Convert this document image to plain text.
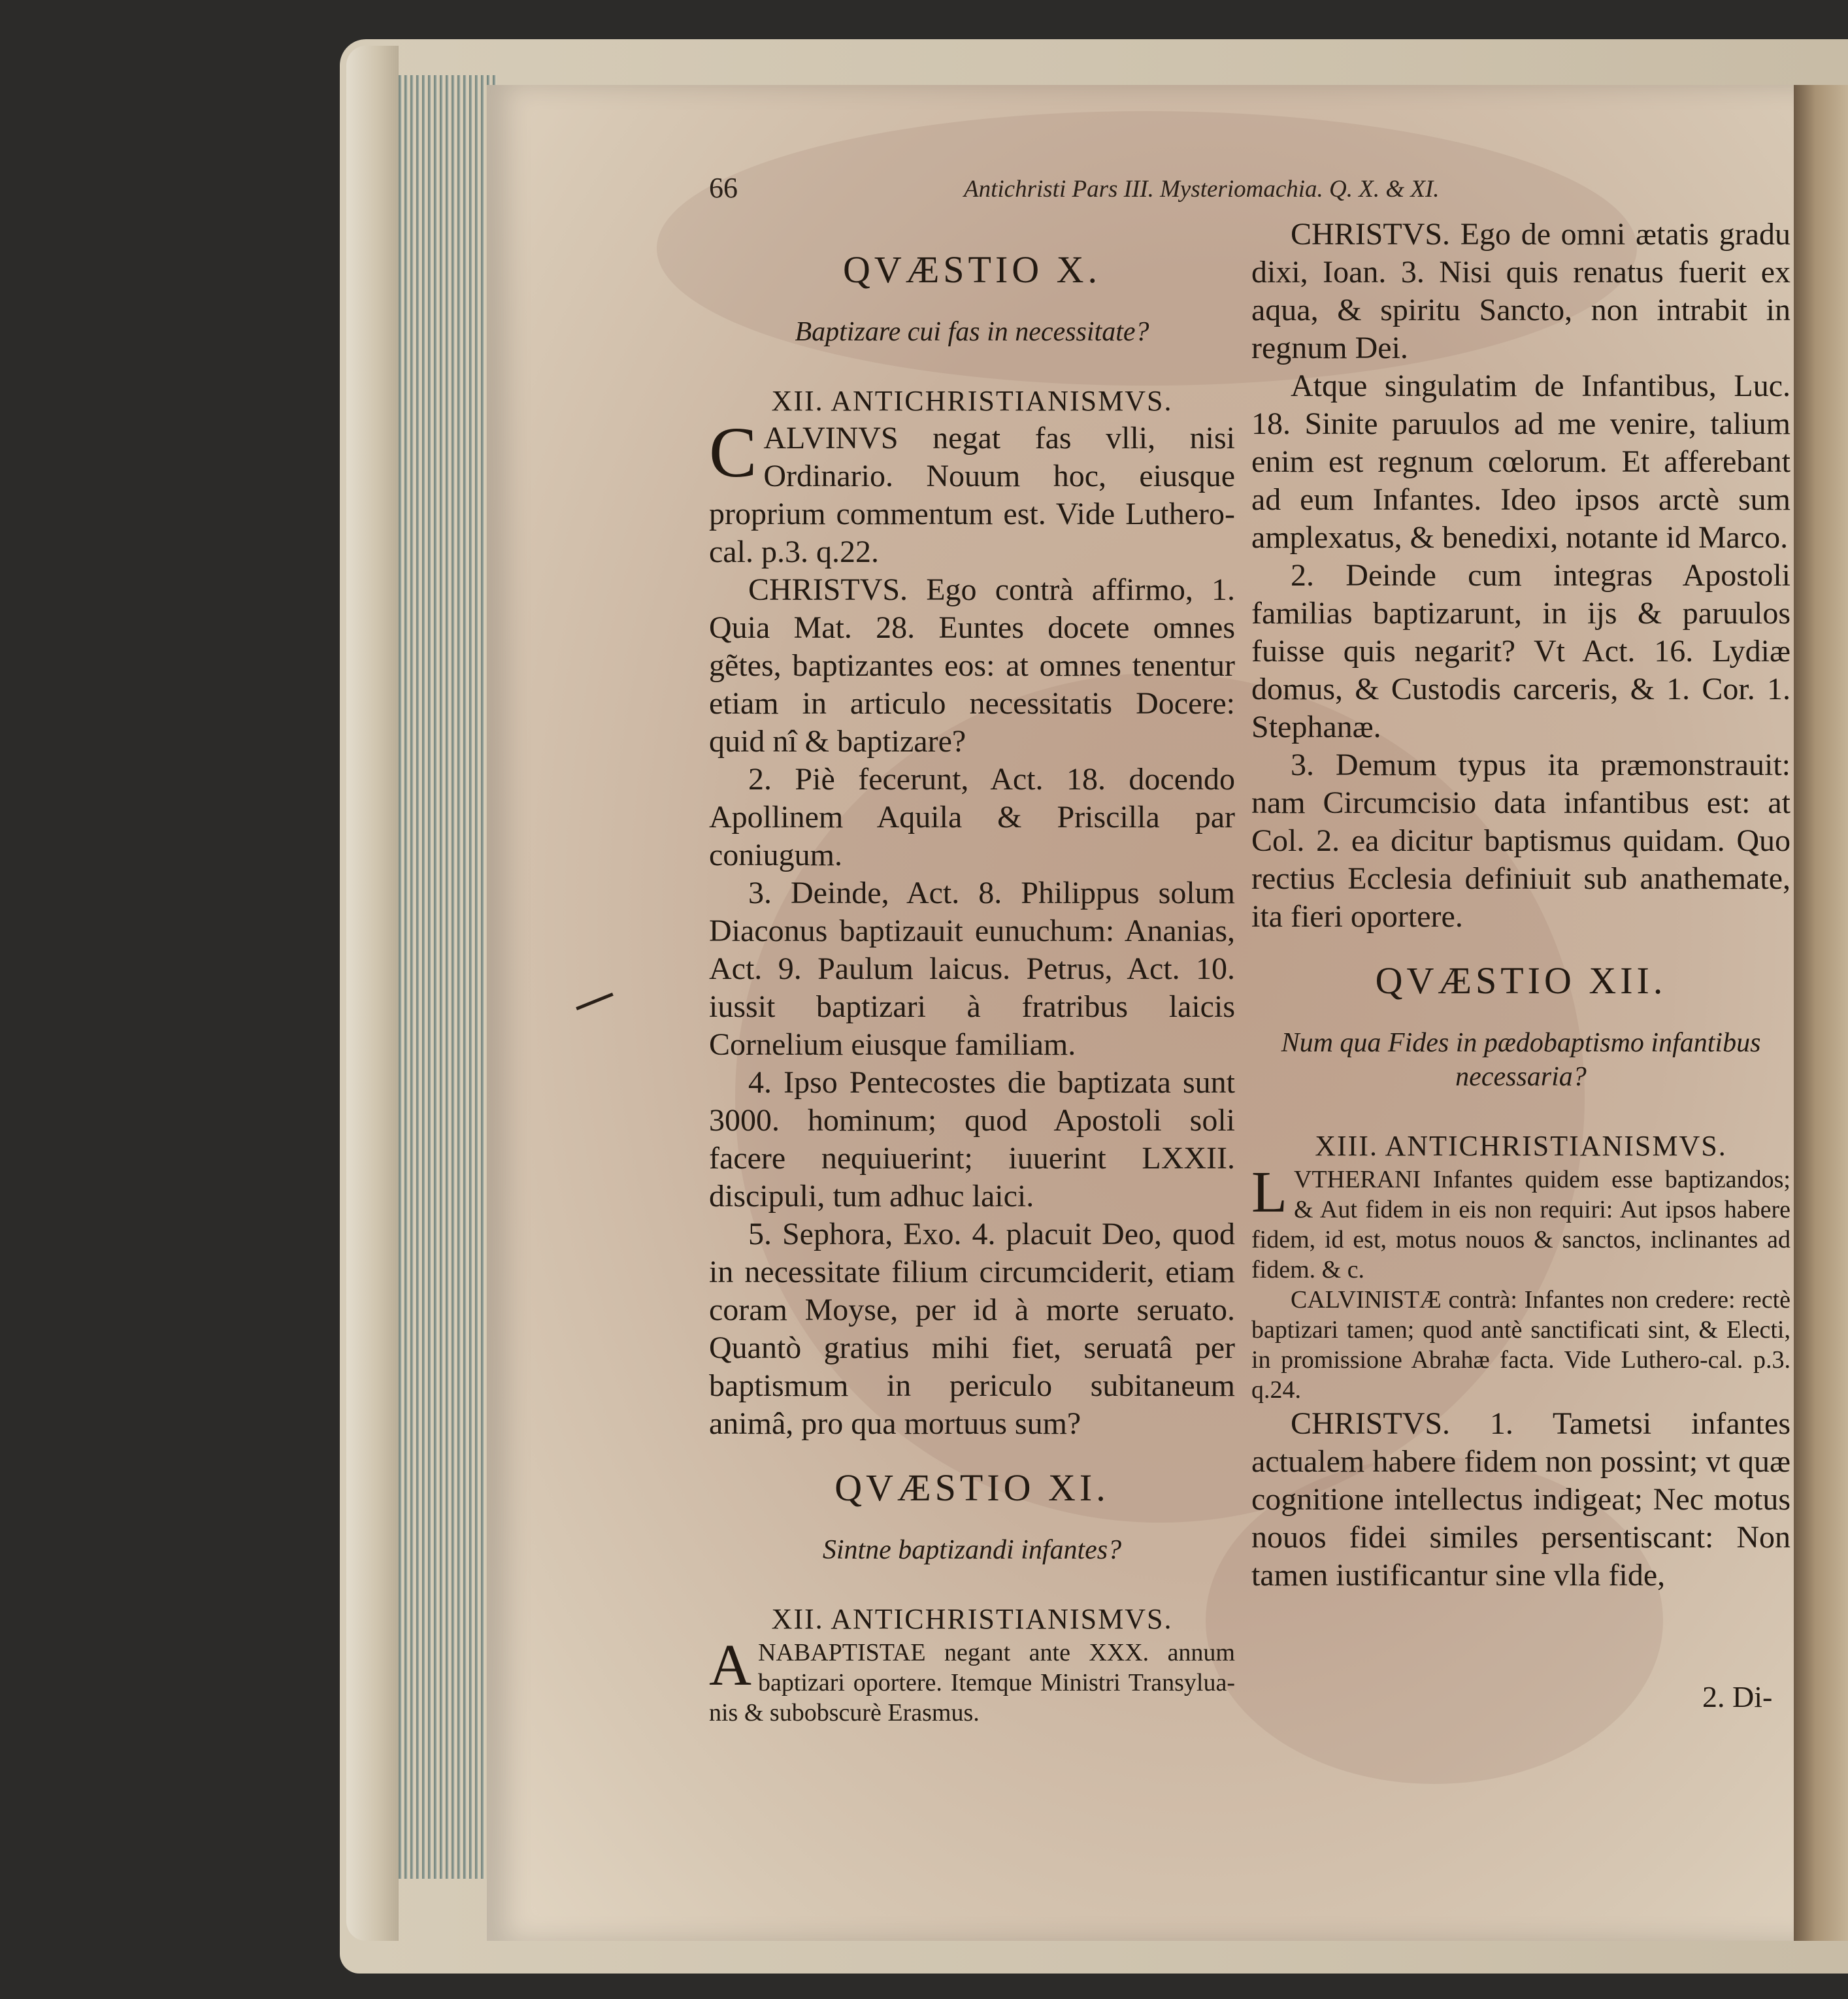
66	Antichristi Pars III. Mysteriomachia. Q. X. & XI.
QVÆSTIO X.
Baptizare cui fas in necessitate?
XII. ANTICHRISTIANISMVS.

CALVINVS negat fas vlli, nisi Ordinario. Nouum hoc, eiusque proprium commentum est. Vide Luthero-cal. p.3. q.22.

CHRISTVS. Ego contrà affirmo, 1. Quia Mat. 28. Euntes docete omnes gẽtes, baptizantes eos: at omnes tenentur etiam in articulo necessitatis Docere: quid nî & baptizare?

2. Piè fecerunt, Act. 18. docendo Apollinem Aquila & Priscilla par coniugum.

3. Deinde, Act. 8. Philippus solum Diaconus baptizauit eunuchum: Ananias, Act. 9. Paulum laicus. Petrus, Act. 10. iussit baptizari à fratribus laicis Cornelium eiusque familiam.

4. Ipso Pentecostes die baptizata sunt 3000. hominum; quod Apostoli soli facere nequiuerint; iuuerint LXXII. discipuli, tum adhuc laici.

5. Sephora, Exo. 4. placuit Deo, quod in necessitate filium circumciderit, etiam coram Moyse, per id à morte seruato. Quantò gratius mihi fiet, seruatâ per baptismum in periculo subitaneum animâ, pro qua mortuus sum?

QVÆSTIO XI.
Sintne baptizandi infantes?
XII. ANTICHRISTIANISMVS.

ANABAPTISTAE negant ante XXX. annum baptizari oportere. Itemque Ministri Transylua-nis & subobscurè Erasmus.

CHRISTVS. Ego de omni ætatis gradu dixi, Ioan. 3. Nisi quis renatus fuerit ex aqua, & spiritu Sancto, non intrabit in regnum Dei.

Atque singulatim de Infantibus, Luc. 18. Sinite paruulos ad me venire, talium enim est regnum cœlorum. Et afferebant ad eum Infantes. Ideo ipsos arctè sum amplexatus, & benedixi, notante id Marco.

2. Deinde cum integras Apostoli familias baptizarunt, in ijs & paruulos fuisse quis negarit? Vt Act. 16. Lydiæ domus, & Custodis carceris, & 1. Cor. 1. Stephanæ.

3. Demum typus ita præmonstrauit: nam Circumcisio data infantibus est: at Col. 2. ea dicitur baptismus quidam. Quo rectius Ecclesia definiuit sub anathemate, ita fieri oportere.

QVÆSTIO XII.
Num qua Fides in pædobaptismo infantibus necessaria?
XIII. ANTICHRISTIANISMVS.

LVTHERANI Infantes quidem esse baptizandos; & Aut fidem in eis non requiri: Aut ipsos habere fidem, id est, motus nouos & sanctos, inclinantes ad fidem. & c.

CALVINISTÆ contrà: Infantes non credere: rectè baptizari tamen; quod antè sanctificati sint, & Electi, in promissione Abrahæ facta. Vide Luthero-cal. p.3. q.24.

CHRISTVS. 1. Tametsi infantes actualem habere fidem non possint; vt quæ cognitione intellectus indigeat; Nec motus nouos fidei similes persentiscant: Non tamen iustificantur sine vlla fide,

2. Di-
